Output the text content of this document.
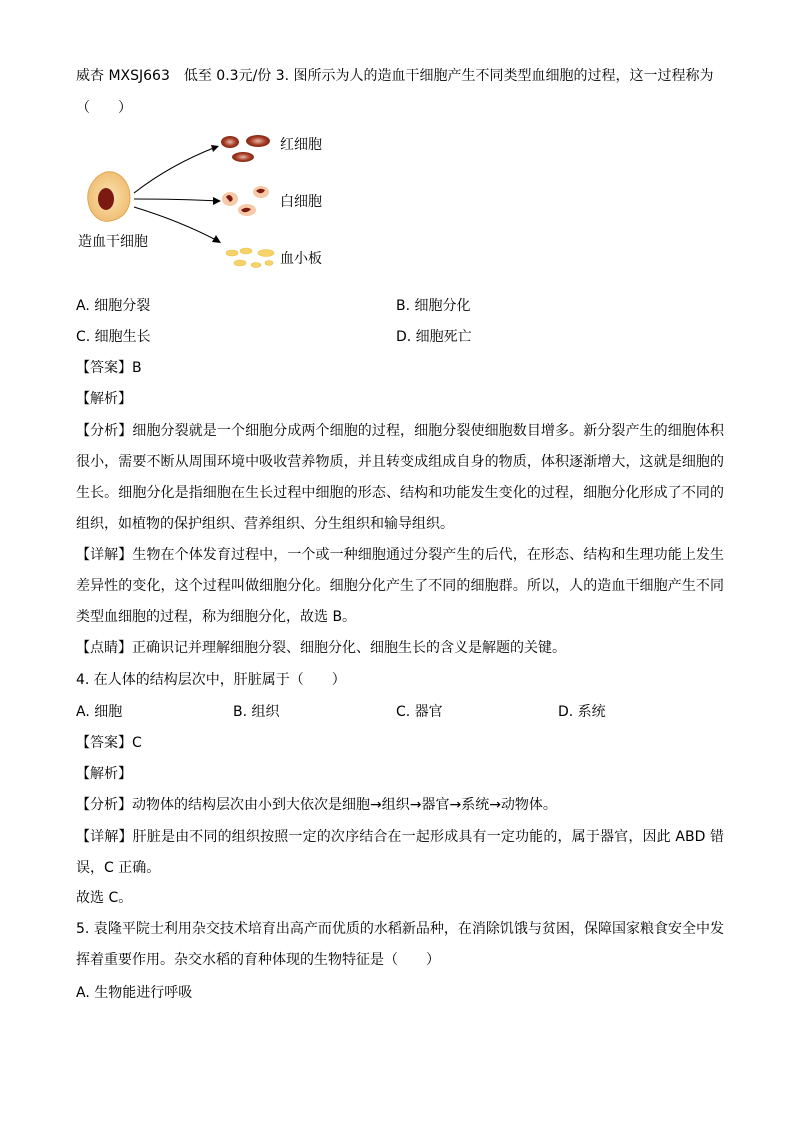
威杏 MXSJ663　低至 0.3元/份 3. 图所示为人的造血干细胞产生不同类型血细胞的过程，这一过程称为
（　　）
红细胞
白细胞
血小板
造血干细胞
A. 细胞分裂	B. 细胞分化
C. 细胞生长	D. 细胞死亡
【答案】B
【解析】
【分析】细胞分裂就是一个细胞分成两个细胞的过程，细胞分裂使细胞数目增多。新分裂产生的细胞体积很小，需要不断从周围环境中吸收营养物质，并且转变成组成自身的物质，体积逐渐增大，这就是细胞的生长。细胞分化是指细胞在生长过程中细胞的形态、结构和功能发生变化的过程，细胞分化形成了不同的组织，如植物的保护组织、营养组织、分生组织和输导组织。
【详解】生物在个体发育过程中，一个或一种细胞通过分裂产生的后代，在形态、结构和生理功能上发生差异性的变化，这个过程叫做细胞分化。细胞分化产生了不同的细胞群。所以，人的造血干细胞产生不同类型血细胞的过程，称为细胞分化，故选 B。
【点睛】正确识记并理解细胞分裂、细胞分化、细胞生长的含义是解题的关键。
4. 在人体的结构层次中，肝脏属于（　　）
A. 细胞	B. 组织	C. 器官	D. 系统
【答案】C
【解析】
【分析】动物体的结构层次由小到大依次是细胞→组织→器官→系统→动物体。
【详解】肝脏是由不同的组织按照一定的次序结合在一起形成具有一定功能的，属于器官，因此 ABD 错误，C 正确。
故选 C。
5. 袁隆平院士利用杂交技术培育出高产而优质的水稻新品种，在消除饥饿与贫困，保障国家粮食安全中发挥着重要作用。杂交水稻的育种体现的生物特征是（　　）
A. 生物能进行呼吸
